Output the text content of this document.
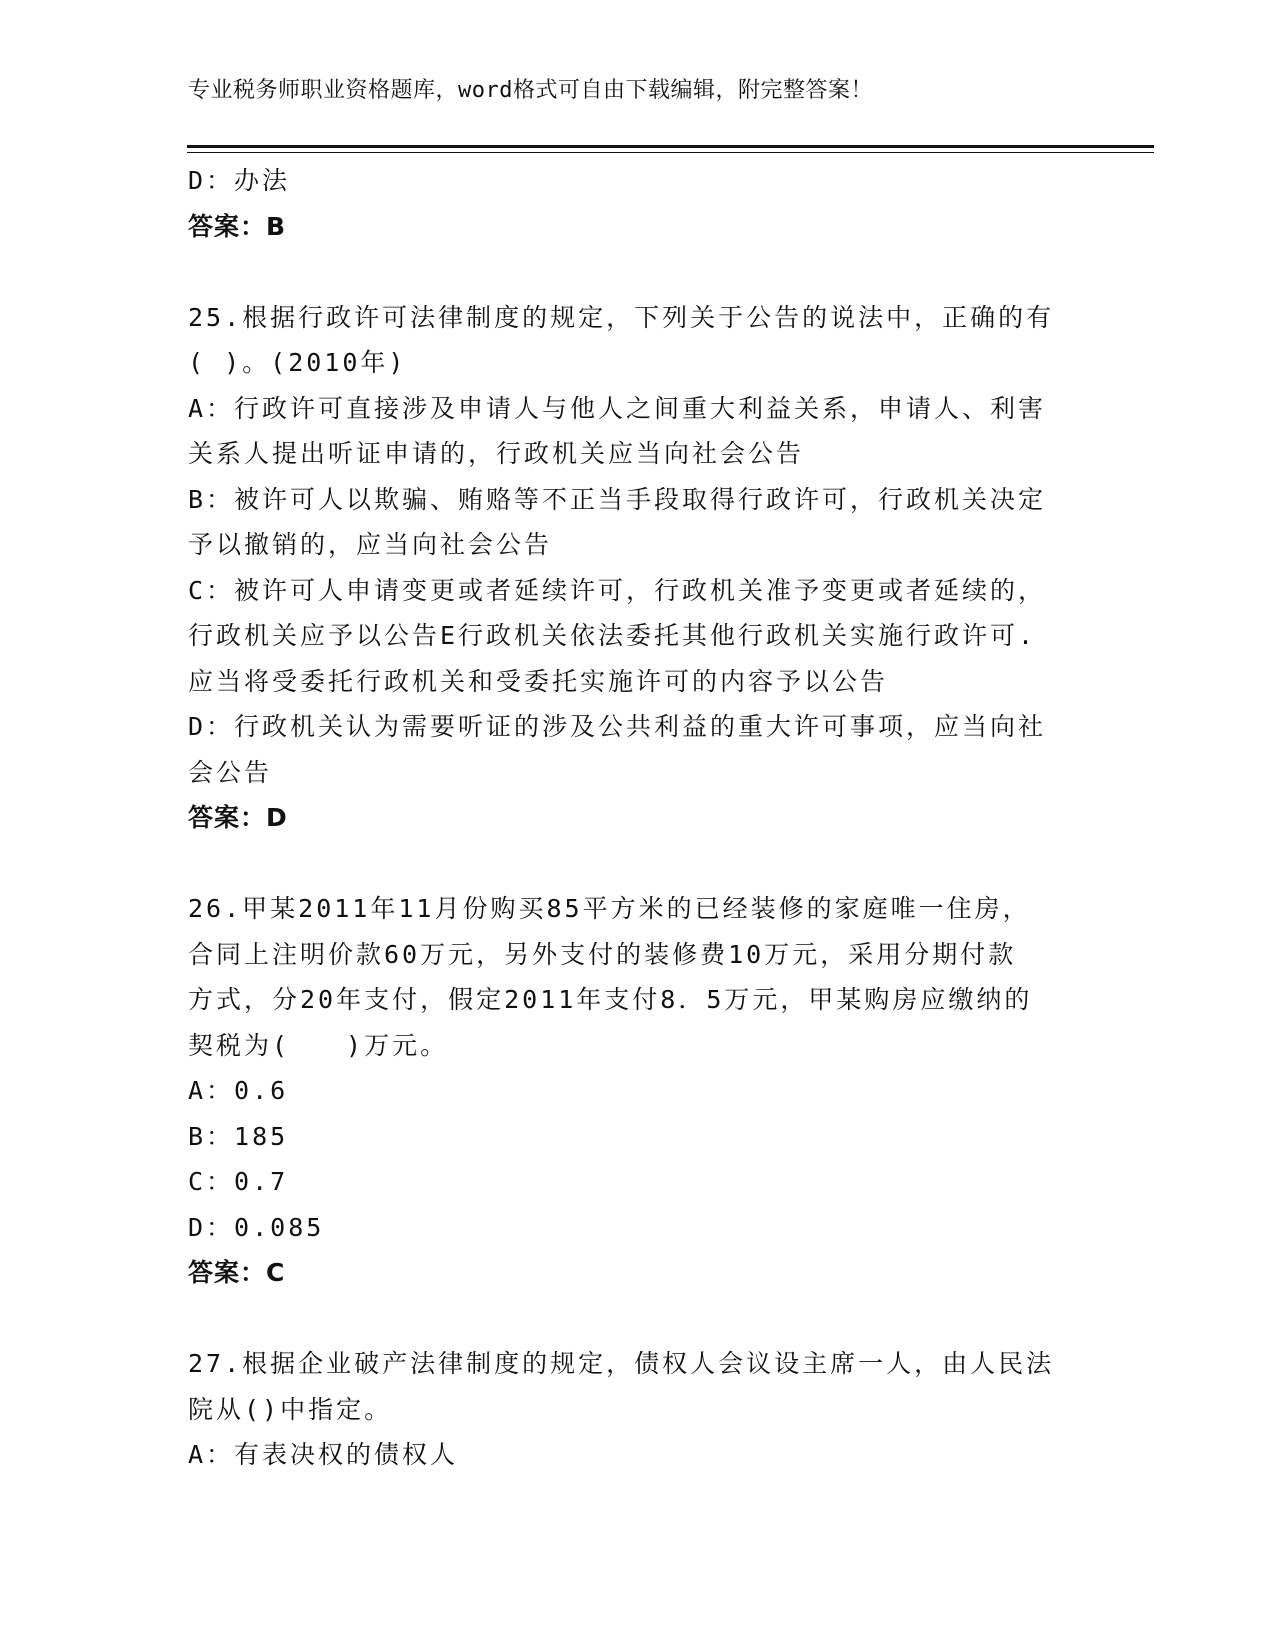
专业税务师职业资格题库，word格式可自由下载编辑，附完整答案！
D：办法
答案：B
25.根据行政许可法律制度的规定，下列关于公告的说法中，正确的有
( )。(2010年)
A：行政许可直接涉及申请人与他人之间重大利益关系，申请人、利害
关系人提出听证申请的，行政机关应当向社会公告
B：被许可人以欺骗、贿赂等不正当手段取得行政许可，行政机关决定
予以撤销的，应当向社会公告
C：被许可人申请变更或者延续许可，行政机关准予变更或者延续的，
行政机关应予以公告E行政机关依法委托其他行政机关实施行政许可.
应当将受委托行政机关和受委托实施许可的内容予以公告
D：行政机关认为需要听证的涉及公共利益的重大许可事项，应当向社
会公告
答案：D
26.甲某2011年11月份购买85平方米的已经装修的家庭唯一住房，
合同上注明价款60万元，另外支付的装修费10万元，采用分期付款
方式，分20年支付，假定2011年支付8．5万元，甲某购房应缴纳的
契税为(　　)万元。
A：0.6
B：185
C：0.7
D：0.085
答案：C
27.根据企业破产法律制度的规定，债权人会议设主席一人，由人民法
院从()中指定。
A：有表决权的债权人
